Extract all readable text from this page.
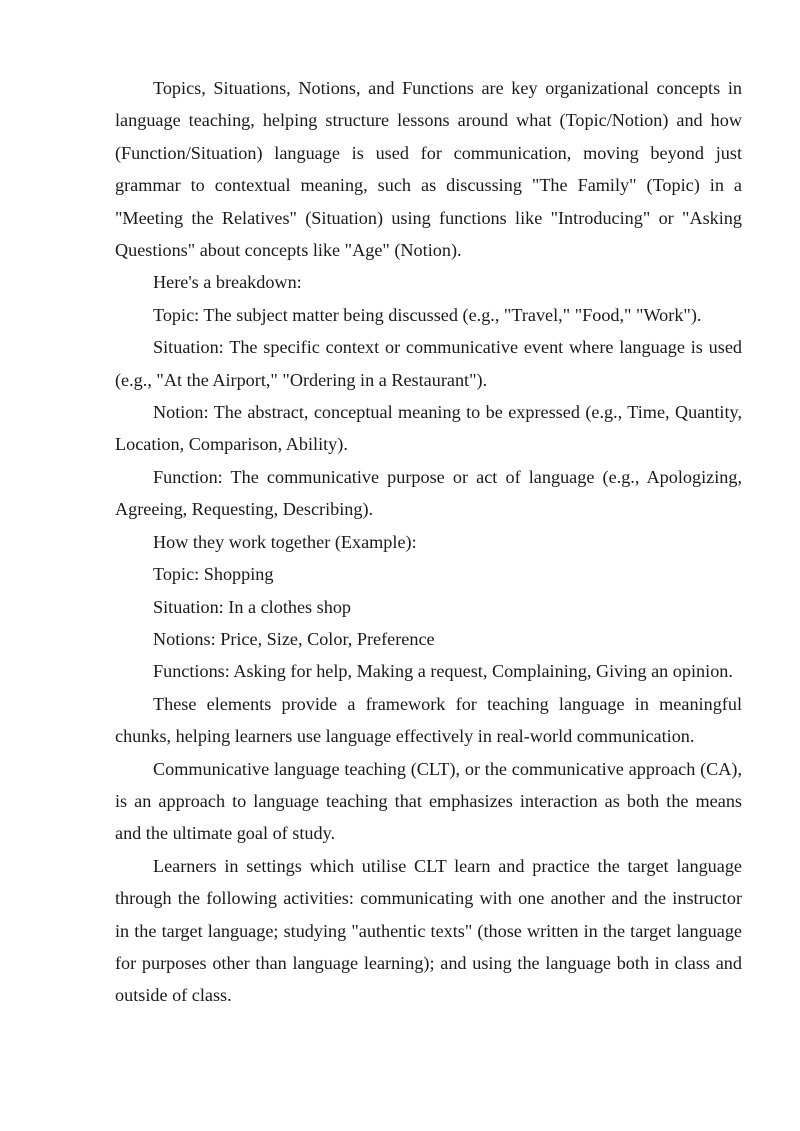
Topics, Situations, Notions, and Functions are key organizational concepts in language teaching, helping structure lessons around what (Topic/Notion) and how (Function/Situation) language is used for communication, moving beyond just grammar to contextual meaning, such as discussing "The Family" (Topic) in a "Meeting the Relatives" (Situation) using functions like "Introducing" or "Asking Questions" about concepts like "Age" (Notion).

Here's a breakdown:

Topic: The subject matter being discussed (e.g., "Travel," "Food," "Work").

Situation: The specific context or communicative event where language is used (e.g., "At the Airport," "Ordering in a Restaurant").

Notion: The abstract, conceptual meaning to be expressed (e.g., Time, Quantity, Location, Comparison, Ability).

Function: The communicative purpose or act of language (e.g., Apologizing, Agreeing, Requesting, Describing).

How they work together (Example):

Topic: Shopping

Situation: In a clothes shop

Notions: Price, Size, Color, Preference

Functions: Asking for help, Making a request, Complaining, Giving an opinion.

These elements provide a framework for teaching language in meaningful chunks, helping learners use language effectively in real-world communication.

Communicative language teaching (CLT), or the communicative approach (CA), is an approach to language teaching that emphasizes interaction as both the means and the ultimate goal of study.

Learners in settings which utilise CLT learn and practice the target language through the following activities: communicating with one another and the instructor in the target language; studying "authentic texts" (those written in the target language for purposes other than language learning); and using the language both in class and outside of class.
